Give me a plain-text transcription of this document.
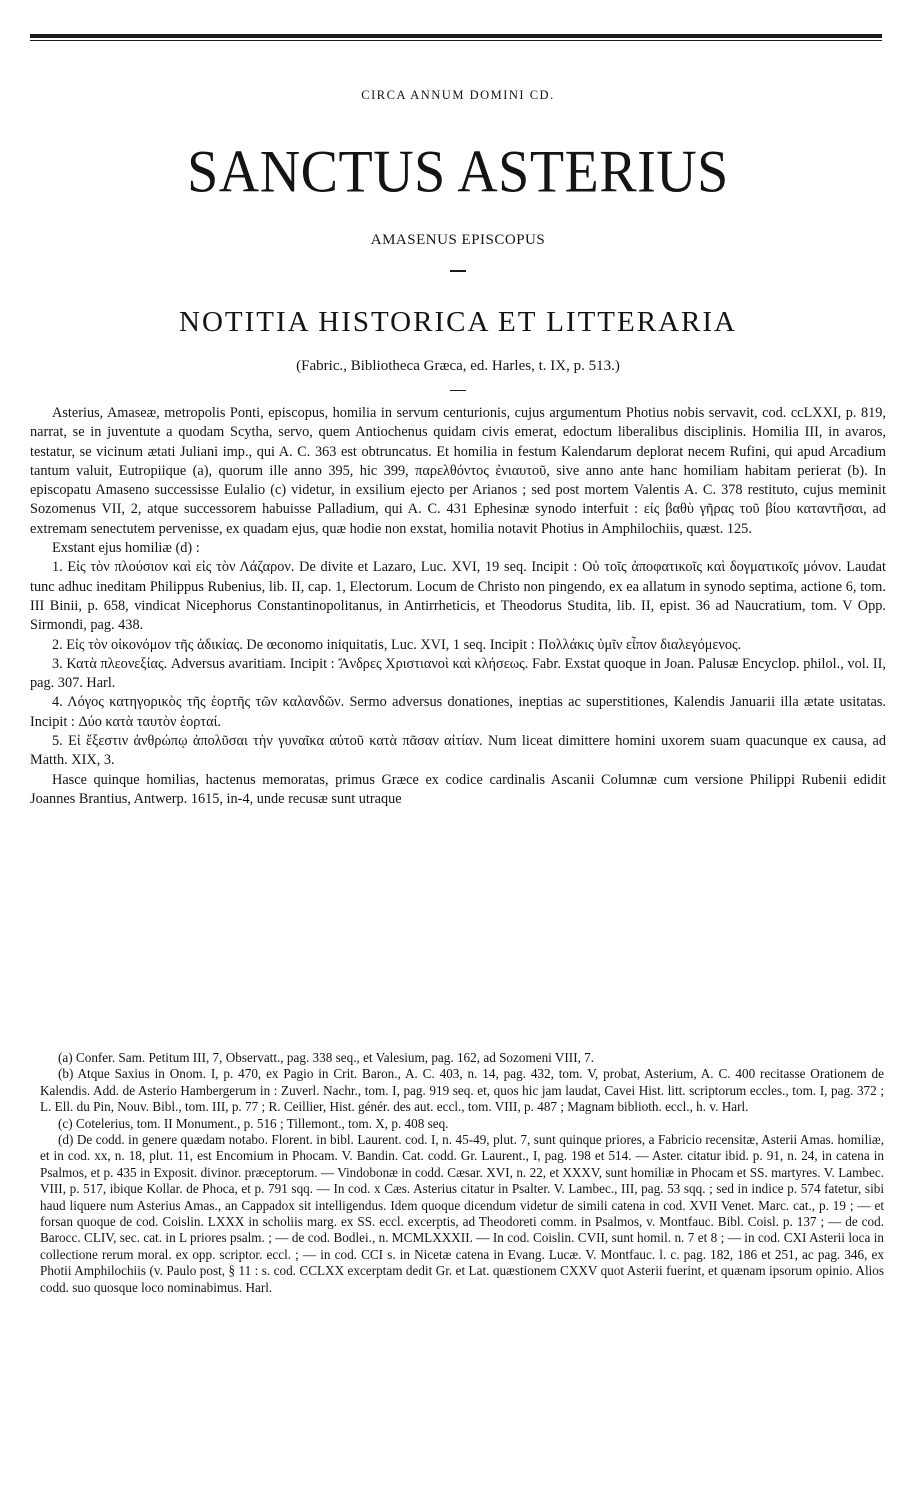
CIRCA ANNUM DOMINI CD.
SANCTUS ASTERIUS
AMASENUS EPISCOPUS
NOTITIA HISTORICA ET LITTERARIA
(Fabric., Bibliotheca Græca, ed. Harles, t. IX, p. 513.)

Asterius, Amaseæ, metropolis Ponti, episcopus, homilia in servum centurionis, cujus argumentum Photius nobis servavit, cod. ccLXXI, p. 819, narrat, se in juventute a quodam Scytha, servo, quem Antiochenus quidam civis emerat, edoctum liberalibus disciplinis. Homilia III, in avaros, testatur, se vicinum ætati Juliani imp., qui A. C. 363 est obtruncatus. Et homilia in festum Kalendarum deplorat necem Rufini, qui apud Arcadium tantum valuit, Eutropiique (a), quorum ille anno 395, hic 399, παρελθόντος ἐνιαυτοῦ, sive anno ante hanc homiliam habitam perierat (b). In episcopatu Amaseno successisse Eulalio (c) videtur, in exsilium ejecto per Arianos ; sed post mortem Valentis A. C. 378 restituto, cujus meminit Sozomenus VII, 2, atque successorem habuisse Palladium, qui A. C. 431 Ephesinæ synodo interfuit : εἰς βαθὺ γῆρας τοῦ βίου καταντῆσαι, ad extremam senectutem pervenisse, ex quadam ejus, quæ hodie non exstat, homilia notavit Photius in Amphilochiis, quæst. 125.

Exstant ejus homiliæ (d) :

1. Εἰς τὸν πλούσιον καὶ εἰς τὸν Λάζαρον. De divite et Lazaro, Luc. XVI, 19 seq. Incipit : Οὐ τοῖς ἀποφατικοῖς καὶ δογματικοῖς μόνον. Laudat tunc adhuc ineditam Philippus Rubenius, lib. II, cap. 1, Electorum. Locum de Christo non pingendo, ex ea allatum in synodo septima, actione 6, tom. III Binii, p. 658, vindicat Nicephorus Constantinopolitanus, in Antirrheticis, et Theodorus Studita, lib. II, epist. 36 ad Naucratium, tom. V Opp. Sirmondi, pag. 438.

2. Εἰς τὸν οἰκονόμον τῆς ἀδικίας. De œconomo iniquitatis, Luc. XVI, 1 seq. Incipit : Πολλάκις ὑμῖν εἶπον διαλεγόμενος.

3. Κατὰ πλεονεξίας. Adversus avaritiam. Incipit : Ἄνδρες Χριστιανοὶ καὶ κλήσεως. Fabr. Exstat quoque in Joan. Palusæ Encyclop. philol., vol. II, pag. 307. Harl.

4. Λόγος κατηγορικὸς τῆς ἑορτῆς τῶν καλανδῶν. Sermo adversus donationes, ineptias ac superstitiones, Kalendis Januarii illa ætate usitatas. Incipit : Δύο κατὰ ταυτὸν ἑορταί.

5. Εἰ ἔξεστιν ἀνθρώπῳ ἀπολῦσαι τὴν γυναῖκα αὐτοῦ κατὰ πᾶσαν αἰτίαν. Num liceat dimittere homini uxorem suam quacunque ex causa, ad Matth. XIX, 3.

Hasce quinque homilias, hactenus memoratas, primus Græce ex codice cardinalis Ascanii Columnæ cum versione Philippi Rubenii edidit Joannes Brantius, Antwerp. 1615, in-4, unde recusæ sunt utraque

(a) Confer. Sam. Petitum III, 7, Observatt., pag. 338 seq., et Valesium, pag. 162, ad Sozomeni VIII, 7.

(b) Atque Saxius in Onom. I, p. 470, ex Pagio in Crit. Baron., A. C. 403, n. 14, pag. 432, tom. V, probat, Asterium, A. C. 400 recitasse Orationem de Kalendis. Add. de Asterio Hambergerum in : Zuverl. Nachr., tom. I, pag. 919 seq. et, quos hic jam laudat, Cavei Hist. litt. scriptorum eccles., tom. I, pag. 372 ; L. Ell. du Pin, Nouv. Bibl., tom. III, p. 77 ; R. Ceillier, Hist. génér. des aut. eccl., tom. VIII, p. 487 ; Magnam biblioth. eccl., h. v. Harl.

(c) Cotelerius, tom. II Monument., p. 516 ; Tillemont., tom. X, p. 408 seq.

(d) De codd. in genere quædam notabo. Florent. in bibl. Laurent. cod. I, n. 45-49, plut. 7, sunt quinque priores, a Fabricio recensitæ, Asterii Amas. homiliæ, et in cod. xx, n. 18, plut. 11, est Encomium in Phocam. V. Bandin. Cat. codd. Gr. Laurent., I, pag. 198 et 514. — Aster. citatur ibid. p. 91, n. 24, in catena in Psalmos, et p. 435 in Exposit. divinor. præceptorum. — Vindobonæ in codd. Cæsar. XVI, n. 22, et XXXV, sunt homiliæ in Phocam et SS. martyres. V. Lambec. VIII, p. 517, ibique Kollar. de Phoca, et p. 791 sqq. — In cod. x Cæs. Asterius citatur in Psalter. V. Lambec., III, pag. 53 sqq. ; sed in indice p. 574 fatetur, sibi haud liquere num Asterius Amas., an Cappadox sit intelligendus. Idem quoque dicendum videtur de simili catena in cod. XVII Venet. Marc. cat., p. 19 ; — et forsan quoque de cod. Coislin. LXXX in scholiis marg. ex SS. eccl. excerptis, ad Theodoreti comm. in Psalmos, v. Montfauc. Bibl. Coisl. p. 137 ; — de cod. Barocc. CLIV, sec. cat. in L priores psalm. ; — de cod. Bodlei., n. MCMLXXXII. — In cod. Coislin. CVII, sunt homil. n. 7 et 8 ; — in cod. CXI Asterii loca in collectione rerum moral. ex opp. scriptor. eccl. ; — in cod. CCI s. in Nicetæ catena in Evang. Lucæ. V. Montfauc. l. c. pag. 182, 186 et 251, ac pag. 346, ex Photii Amphilochiis (v. Paulo post, § 11 : s. cod. CCLXX excerptam dedit Gr. et Lat. quæstionem CXXV quot Asterii fuerint, et quænam ipsorum opinio. Alios codd. suo quosque loco nominabimus. Harl.
